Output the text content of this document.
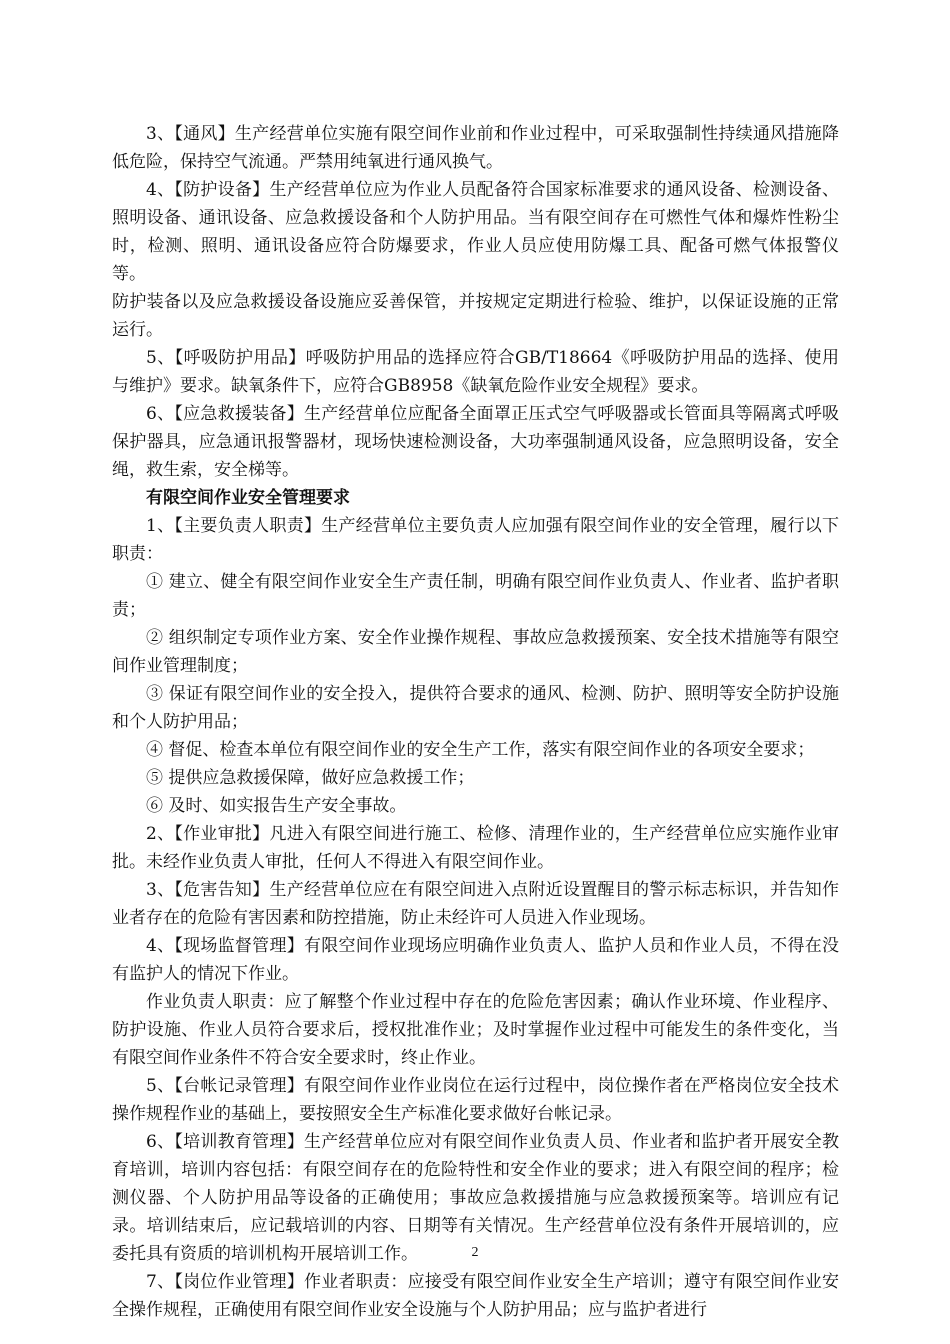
3、【通风】生产经营单位实施有限空间作业前和作业过程中，可采取强制性持续通风措施降低危险，保持空气流通。严禁用纯氧进行通风换气。

4、【防护设备】生产经营单位应为作业人员配备符合国家标准要求的通风设备、检测设备、照明设备、通讯设备、应急救援设备和个人防护用品。当有限空间存在可燃性气体和爆炸性粉尘时，检测、照明、通讯设备应符合防爆要求，作业人员应使用防爆工具、配备可燃气体报警仪等。

防护装备以及应急救援设备设施应妥善保管，并按规定定期进行检验、维护，以保证设施的正常运行。

5、【呼吸防护用品】呼吸防护用品的选择应符合GB/T18664《呼吸防护用品的选择、使用与维护》要求。缺氧条件下，应符合GB8958《缺氧危险作业安全规程》要求。

6、【应急救援装备】生产经营单位应配备全面罩正压式空气呼吸器或长管面具等隔离式呼吸保护器具，应急通讯报警器材，现场快速检测设备，大功率强制通风设备，应急照明设备，安全绳，救生索，安全梯等。

有限空间作业安全管理要求

1、【主要负责人职责】生产经营单位主要负责人应加强有限空间作业的安全管理，履行以下职责：

① 建立、健全有限空间作业安全生产责任制，明确有限空间作业负责人、作业者、监护者职责；

② 组织制定专项作业方案、安全作业操作规程、事故应急救援预案、安全技术措施等有限空间作业管理制度；

③ 保证有限空间作业的安全投入，提供符合要求的通风、检测、防护、照明等安全防护设施和个人防护用品；

④ 督促、检查本单位有限空间作业的安全生产工作，落实有限空间作业的各项安全要求；

⑤ 提供应急救援保障，做好应急救援工作；

⑥ 及时、如实报告生产安全事故。

2、【作业审批】凡进入有限空间进行施工、检修、清理作业的，生产经营单位应实施作业审批。未经作业负责人审批，任何人不得进入有限空间作业。

3、【危害告知】生产经营单位应在有限空间进入点附近设置醒目的警示标志标识，并告知作业者存在的危险有害因素和防控措施，防止未经许可人员进入作业现场。

4、【现场监督管理】有限空间作业现场应明确作业负责人、监护人员和作业人员，不得在没有监护人的情况下作业。

作业负责人职责：应了解整个作业过程中存在的危险危害因素；确认作业环境、作业程序、防护设施、作业人员符合要求后，授权批准作业；及时掌握作业过程中可能发生的条件变化，当有限空间作业条件不符合安全要求时，终止作业。

5、【台帐记录管理】有限空间作业作业岗位在运行过程中，岗位操作者在严格岗位安全技术操作规程作业的基础上，要按照安全生产标准化要求做好台帐记录。

6、【培训教育管理】生产经营单位应对有限空间作业负责人员、作业者和监护者开展安全教育培训，培训内容包括：有限空间存在的危险特性和安全作业的要求；进入有限空间的程序；检测仪器、个人防护用品等设备的正确使用；事故应急救援措施与应急救援预案等。培训应有记录。培训结束后，应记载培训的内容、日期等有关情况。生产经营单位没有条件开展培训的，应委托具有资质的培训机构开展培训工作。

7、【岗位作业管理】作业者职责：应接受有限空间作业安全生产培训；遵守有限空间作业安全操作规程，正确使用有限空间作业安全设施与个人防护用品；应与监护者进行

2
